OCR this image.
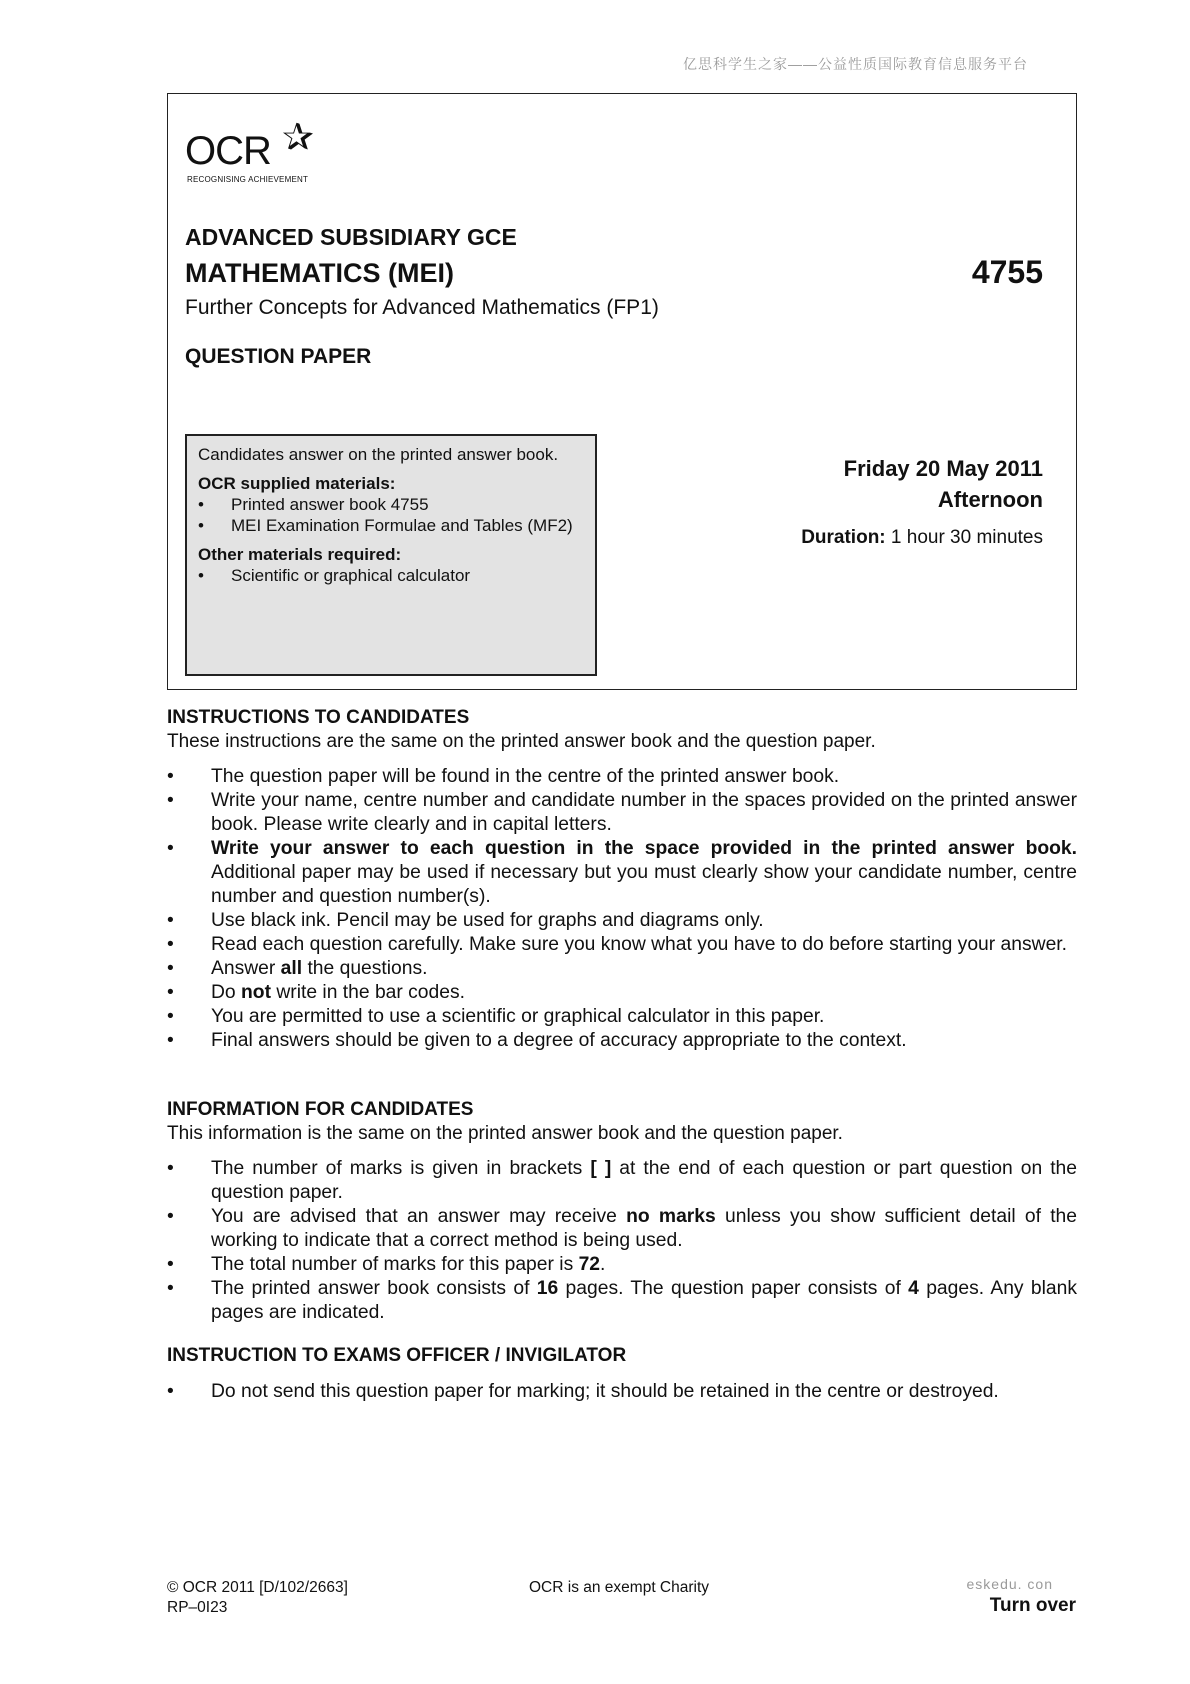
亿思科学生之家——公益性质国际教育信息服务平台
OCR ✰
RECOGNISING ACHIEVEMENT
ADVANCED SUBSIDIARY GCE
MATHEMATICS (MEI)	4755
Further Concepts for Advanced Mathematics (FP1)
QUESTION PAPER
Candidates answer on the printed answer book.
OCR supplied materials:
•	Printed answer book 4755
•	MEI Examination Formulae and Tables (MF2)
Other materials required:
•	Scientific or graphical calculator
Friday 20 May 2011
Afternoon
Duration: 1 hour 30 minutes
INSTRUCTIONS TO CANDIDATES
These instructions are the same on the printed answer book and the question paper.
•	The question paper will be found in the centre of the printed answer book.
•	Write your name, centre number and candidate number in the spaces provided on the printed answer book. Please write clearly and in capital letters.
•	Write your answer to each question in the space provided in the printed answer book. Additional paper may be used if necessary but you must clearly show your candidate number, centre number and question number(s).
•	Use black ink. Pencil may be used for graphs and diagrams only.
•	Read each question carefully. Make sure you know what you have to do before starting your answer.
•	Answer all the questions.
•	Do not write in the bar codes.
•	You are permitted to use a scientific or graphical calculator in this paper.
•	Final answers should be given to a degree of accuracy appropriate to the context.
INFORMATION FOR CANDIDATES
This information is the same on the printed answer book and the question paper.
•	The number of marks is given in brackets [ ] at the end of each question or part question on the question paper.
•	You are advised that an answer may receive no marks unless you show sufficient detail of the working to indicate that a correct method is being used.
•	The total number of marks for this paper is 72.
•	The printed answer book consists of 16 pages. The question paper consists of 4 pages. Any blank pages are indicated.
INSTRUCTION TO EXAMS OFFICER / INVIGILATOR
•	Do not send this question paper for marking; it should be retained in the centre or destroyed.
© OCR 2011 [D/102/2663]
RP–0I23
OCR is an exempt Charity	eskedu. con
Turn over
